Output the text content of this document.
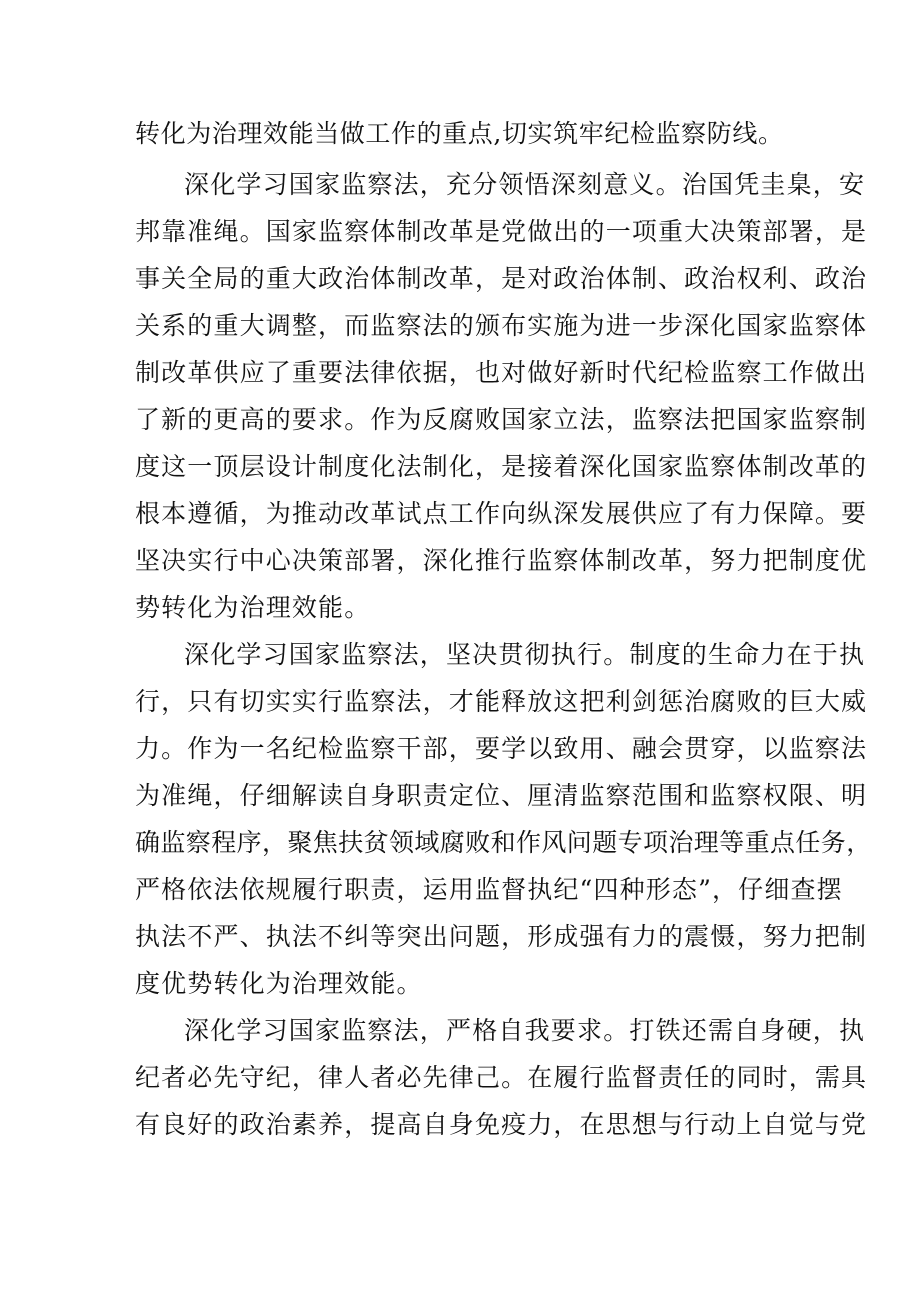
转化为治理效能当做工作的重点,切实筑牢纪检监察防线。
深化学习国家监察法，充分领悟深刻意义。治国凭圭臬，安
邦靠准绳。国家监察体制改革是党做出的一项重大决策部署，是
事关全局的重大政治体制改革，是对政治体制、政治权利、政治
关系的重大调整，而监察法的颁布实施为进一步深化国家监察体
制改革供应了重要法律依据，也对做好新时代纪检监察工作做出
了新的更高的要求。作为反腐败国家立法，监察法把国家监察制
度这一顶层设计制度化法制化，是接着深化国家监察体制改革的
根本遵循，为推动改革试点工作向纵深发展供应了有力保障。要
坚决实行中心决策部署，深化推行监察体制改革，努力把制度优
势转化为治理效能。
深化学习国家监察法，坚决贯彻执行。制度的生命力在于执
行，只有切实实行监察法，才能释放这把利剑惩治腐败的巨大威
力。作为一名纪检监察干部，要学以致用、融会贯穿，以监察法
为准绳，仔细解读自身职责定位、厘清监察范围和监察权限、明
确监察程序，聚焦扶贫领域腐败和作风问题专项治理等重点任务，
严格依法依规履行职责，运用监督执纪“四种形态”，仔细查摆
执法不严、执法不纠等突出问题，形成强有力的震慑，努力把制
度优势转化为治理效能。
深化学习国家监察法，严格自我要求。打铁还需自身硬，执
纪者必先守纪，律人者必先律己。在履行监督责任的同时，需具
有良好的政治素养，提高自身免疫力，在思想与行动上自觉与党
